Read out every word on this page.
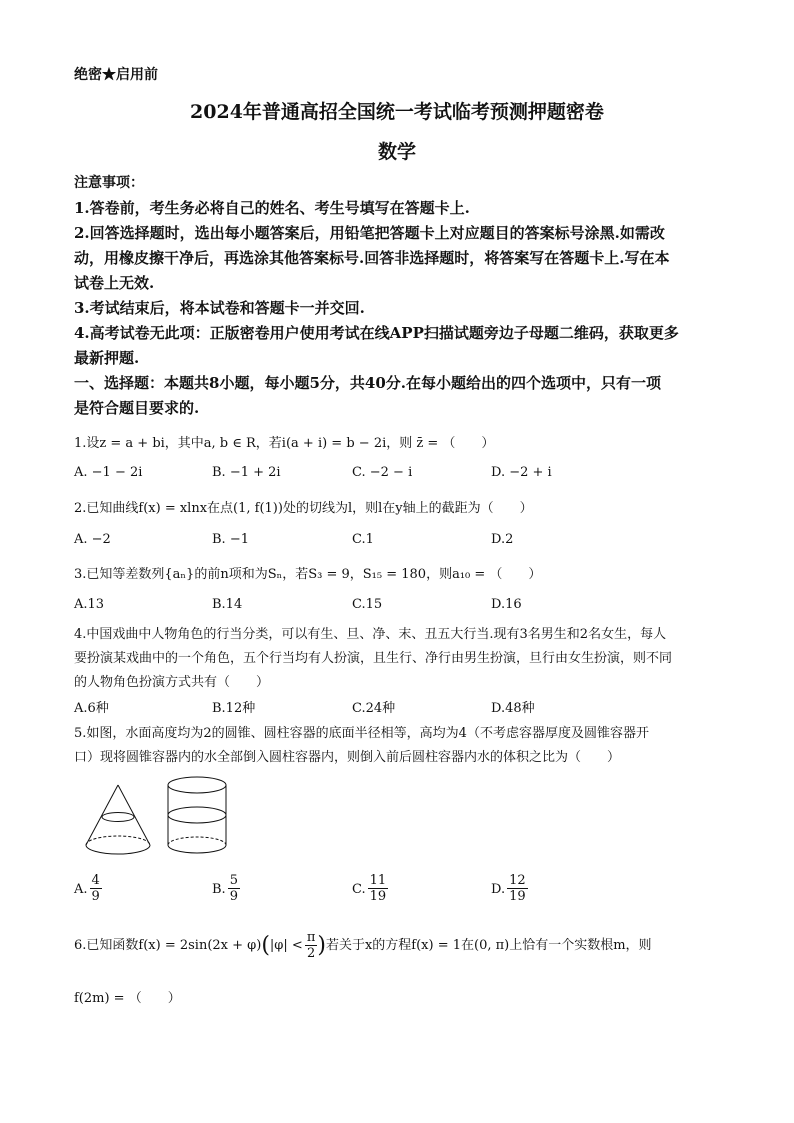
绝密★启用前
2024年普通高招全国统一考试临考预测押题密卷
数学
注意事项：
1.答卷前，考生务必将自己的姓名、考生号填写在答题卡上.
2.回答选择题时，选出每小题答案后，用铅笔把答题卡上对应题目的答案标号涂黑.如需改
动，用橡皮擦干净后，再选涂其他答案标号.回答非选择题时，将答案写在答题卡上.写在本
试卷上无效.
3.考试结束后，将本试卷和答题卡一并交回.
4.高考试卷无此项：正版密卷用户使用考试在线APP扫描试题旁边子母题二维码，获取更多
最新押题.
一、选择题：本题共8小题，每小题5分，共40分.在每小题给出的四个选项中，只有一项
是符合题目要求的.
1.设z = a + bi，其中a, b ∈ R，若i(a + i) = b − 2i，则 z̄ = （　　）
A. −1 − 2i	B. −1 + 2i	C. −2 − i	D. −2 + i
2.已知曲线f(x) = xlnx在点(1, f(1))处的切线为l，则l在y轴上的截距为（　　）
A. −2	B. −1	C.1	D.2
3.已知等差数列{aₙ}的前n项和为Sₙ，若S₃ = 9，S₁₅ = 180，则a₁₀ = （　　）
A.13	B.14	C.15	D.16
4.中国戏曲中人物角色的行当分类，可以有生、旦、净、末、丑五大行当.现有3名男生和2名女生，每人
要扮演某戏曲中的一个角色，五个行当均有人扮演，且生行、净行由男生扮演，旦行由女生扮演，则不同
的人物角色扮演方式共有（　　）
A.6种	B.12种	C.24种	D.48种
5.如图，水面高度均为2的圆锥、圆柱容器的底面半径相等，高均为4（不考虑容器厚度及圆锥容器开
口）现将圆锥容器内的水全部倒入圆柱容器内，则倒入前后圆柱容器内水的体积之比为（　　）
A. $\frac{4}{9}$	B. $\frac{5}{9}$	C. $\frac{11}{19}$	D. $\frac{12}{19}$
6.已知函数$f(x) = 2\sin(2x + \varphi)(|\varphi| < \frac{\pi}{2}$ )若关于x的方程f(x) = 1在(0, π)上恰有一个实数根m，则
f(2m) = （　　）
